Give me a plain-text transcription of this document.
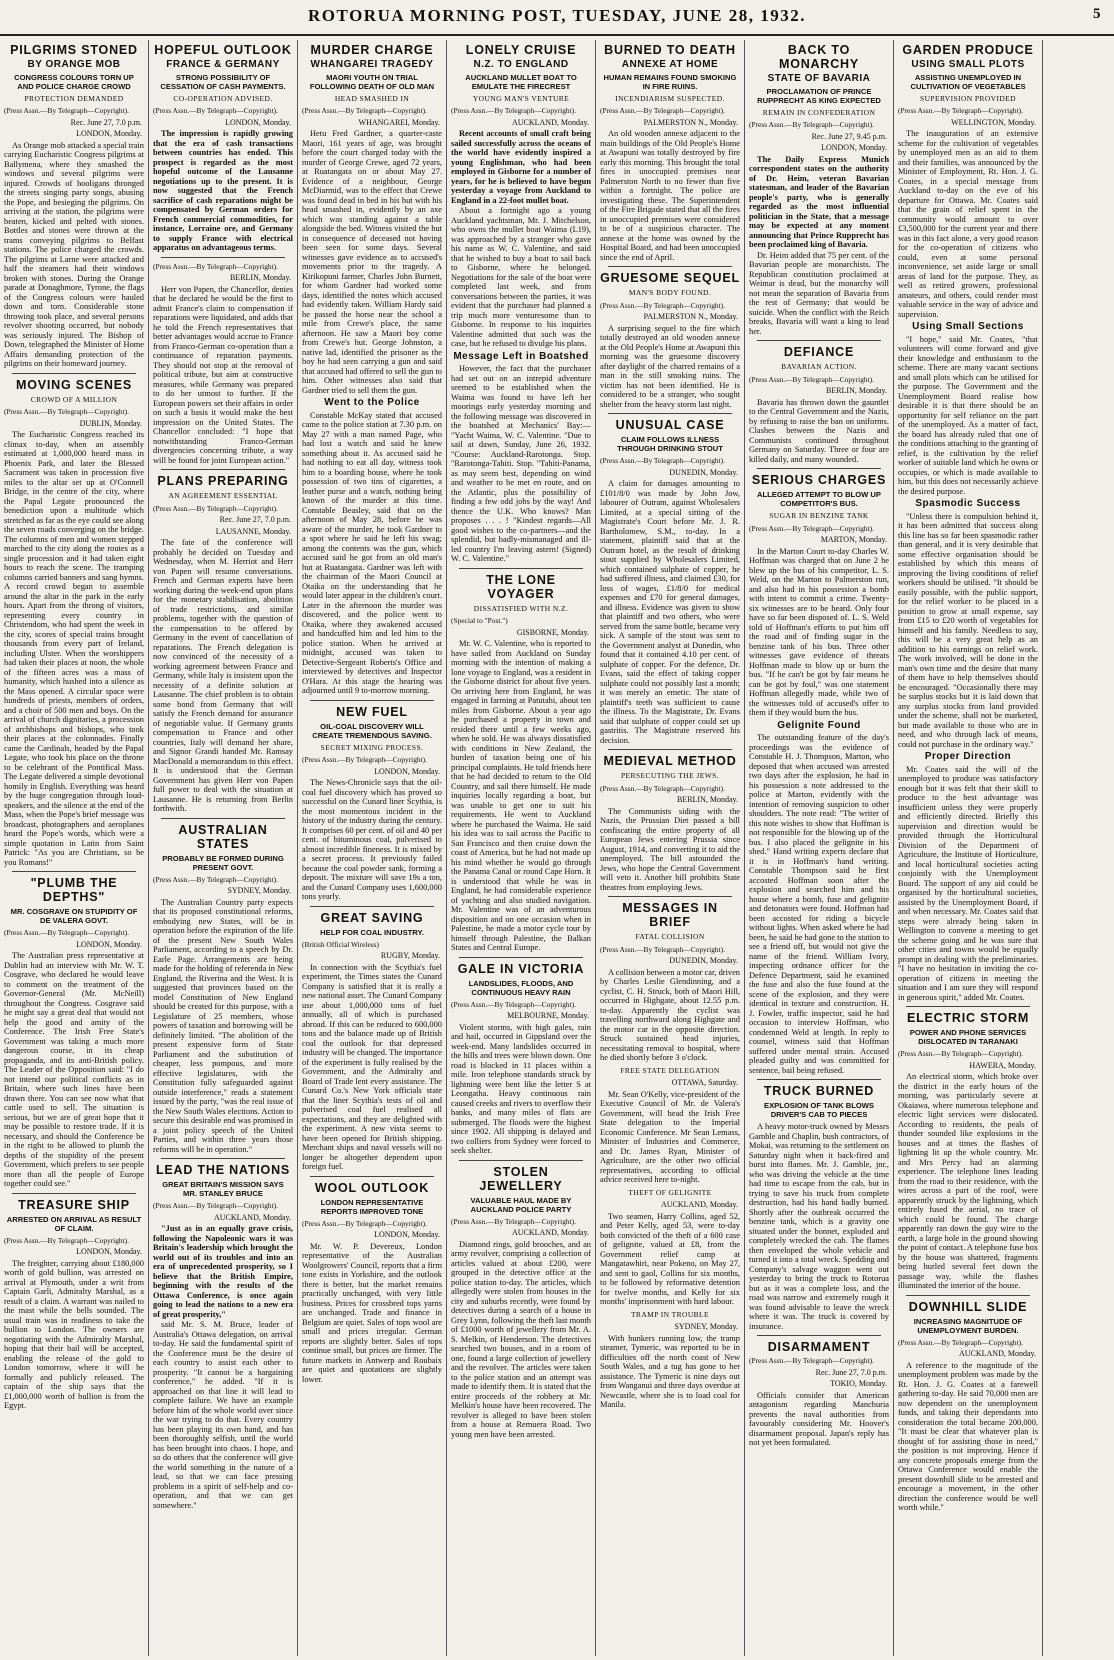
ROTORUA MORNING POST, TUESDAY, JUNE 28, 1932.	5
PILGRIMS STONED
BY ORANGE MOB
CONGRESS COLOURS TORN UP AND POLICE CHARGE CROWD
PROTECTION DEMANDED
(Press Assn.—By Telegraph—Copyright).
Rec. June 27, 7.0 p.m.
LONDON, Monday.

As Orange mob attacked a special train carrying Eucharistic Congress pilgrims at Ballymena, where they smashed the windows and several pilgrims were injured. Crowds of hooligans thronged the streets singing party songs, abusing the Pope, and besieging the pilgrims. On arriving at the station, the pilgrims were beaten, kicked and pelted with stones. Bottles and stones were thrown at the trams conveying pilgrims to Belfast stations. The police charged the crowds. The pilgrims at Larne were attacked and half the steamers had their windows broken with stones. During the Orange parade at Donaghmore, Tyrone, the flags of the Congress colours were hauled down and torn. Considerable stone throwing took place, and several persons revolver shooting occurred, but nobody was seriously injured. The Bishop of Down, telegraphed the Minister of Home Affairs demanding protection of the pilgrims on their homeward journey.

MOVING SCENES
CROWD OF A MILLION
(Press Assn.—By Telegraph—Copyright).
DUBLIN, Monday.

The Eucharistic Congress reached its climax to-day, when an assembly estimated at 1,000,000 heard mass in Phoenix Park, and later the Blessed Sacrament was taken in procession five miles to the altar set up at O'Connell Bridge, in the centre of the city, where the Papal Legate pronounced the benediction upon a multitude which stretched as far as the eye could see along the seven roads converging on the bridge. The columns of men and women stepped marched to the city along the routes as a single procession and it had taken eight hours to reach the scene. The tramping columns carried banners and sang hymns. A record crowd began to assemble around the altar in the park in the early hours. Apart from the throng of visitors, representing every country in Christendom, who had spent the week in the city, scores of special trains brought thousands from every part of Ireland, including Ulster. When the worshippers had taken their places at noon, the whole of the fifteen acres was a mass of humanity, which hushed into a silence as the Mass opened. A circular space were hundreds of priests, members of orders, and a choir of 500 men and boys. On the arrival of church dignitaries, a procession of archbishops and bishops, who took their places at the colonnades. Finally came the Cardinals, headed by the Papal Legate, who took his place on the throne to be celebrant of the Pontifical Mass. The Legate delivered a simple devotional homily in English. Everything was heard by the huge congregation through loud-speakers, and the silence at the end of the Mass, when the Pope's brief message was broadcast, photographers and aeroplanes heard the Pope's words, which were a simple quotation in Latin from Saint Patrick: "As you are Christians, so be you Romans!"

"PLUMB THE DEPTHS"
MR. COSGRAVE ON STUPIDITY OF DE VALERA GOVT.
(Press Assn.—By Telegraph—Copyright).
LONDON, Monday.

The Australian press representative at Dublin had an interview with Mr. W. T. Cosgrave, who declared he would leave to comment on the treatment of the Governor-General (Mr. McNeill) throughout the Congress. Cosgrave said he might say a great deal that would not help the good and amity of the Conference. The Irish Free State's Government was taking a much more dangerous course, in its cheap propaganda, and its anti-British policy. The Leader of the Opposition said: "I do not intend our political conflicts as in Britain, where such lines have been drawn there. You can see now what that cattle used to sell. The situation is serious, but we are of great hope that it may be possible to restore trade. If it is necessary, and should the Conference be in the right to be allowed to plumb the depths of the stupidity of the present Government, which prefers to see people more than all the people of Europe together could see."

TREASURE SHIP
ARRESTED ON ARRIVAL AS RESULT OF CLAIM.
(Press Assn.—By Telegraph—Copyright).
LONDON, Monday.

The freighter, carrying about £180,000 worth of gold bullion, was arrested on arrival at Plymouth, under a writ from Captain Garli, Admiralty Marshal, as a result of a claim. A warrant was nailed to the mast while the bells sounded. The usual train was in readiness to take the bullion to London. The owners are negotiating with the Admiralty Marshal, hoping that their bail will be accepted, enabling the release of the gold to London tomorrow, where it will be formally and publicly released. The captain of the ship says that the £1,000,000 worth of bullion is from the Egypt.

HOPEFUL OUTLOOK
FRANCE & GERMANY
STRONG POSSIBILITY OF CESSATION OF CASH PAYMENTS.
CO-OPERATION ADVISED.
(Press Assn.—By Telegraph—Copyright).
LONDON, Monday.

The impression is rapidly growing that the era of cash transactions between countries has ended. This prospect is regarded as the most hopeful outcome of the Lausanne negotiations up to the present. It is now suggested that the French sacrifice of cash reparations might be compensated by German orders for French commercial commodities, for instance, Lorraine ore, and Germany to supply France with electrical apparatus on advantageous terms.

(Press Assn.—By Telegraph—Copyright).
BERLIN, Monday.

Herr von Papen, the Chancellor, denies that he declared he would be the first to admit France's claim to compensation if reparations were liquidated, and adds that he told the French representatives that better advantages would accrue to France from Franco-German co-operation than a continuance of reparation payments. They should not stop at the removal of political tribute, but aim at constructive measures, while Germany was prepared to do her utmost to further. If the European powers set their affairs in order on such a basis it would make the best impression on the United States. The Chancellor concluded: "I hope that notwithstanding Franco-German divergencies concerning tribute, a way will be found for joint European action."

PLANS PREPARING
AN AGREEMENT ESSENTIAL
(Press Assn.—By Telegraph—Copyright).
Rec. June 27, 7.0 p.m.
LAUSANNE, Monday.

The fate of the conference will probably be decided on Tuesday and Wednesday, when M. Herriot and Herr von Papen will resume conversations. French and German experts have been working during the week-end upon plans for the monetary stabilisation, abolition of trade restrictions, and similar problems, together with the question of the compensation to be offered by Germany in the event of cancellation of reparations. The French delegation is now convinced of the necessity of a working agreement between France and Germany, while Italy is insistent upon the necessity of a definite solution at Lausanne. The chief problem is to obtain some bond from Germany that will satisfy the French demand for assurance of negotiable value. If Germany grants compensation to France and other countries, Italy will demand her share, and Signor Grandi handed Mr. Ramsay MacDonald a memorandum to this effect. It is understood that the German Government has given Herr von Papen full power to deal with the situation at Lausanne. He is returning from Berlin forthwith.

AUSTRALIAN STATES
PROBABLY BE FORMED DURING PRESENT GOVT.
(Press Assn.—By Telegraph—Copyright).
SYDNEY, Monday.

The Australian Country party expects that its proposed constitutional reforms, embodying new States, will be in operation before the expiration of the life of the present New South Wales Parliament, according to a speech by Dr. Earle Page. Arrangements are being made for the holding of referenda in New England, the Riverina and the West. It is suggested that provinces based on the model Constitution of New England should be created for this purpose, with a Legislature of 25 members, whose powers of taxation and borrowing will be definitely limited. "The abolition of the present expensive form of State Parliament and the substitution of cheaper, less pompous, and more effective legislatures, with the Constitution fully safeguarded against outside interference," reads a statement issued by the party, "was the real issue of the New South Wales elections. Action to secure this desirable end was promised in a joint policy speech of the United Parties, and within three years those reforms will be in operation."

LEAD THE NATIONS
GREAT BRITAIN'S MISSION SAYS MR. STANLEY BRUCE
(Press Assn.—By Telegraph—Copyright).
AUCKLAND, Monday.

"Just as in an equally grave crisis, following the Napoleonic wars it was Britain's leadership which brought the world out of its troubles and into an era of unprecedented prosperity, so I believe that the British Empire, beginning with the results of the Ottawa Conference, is once again going to lead the nations to a new era of great prosperity,"

said Mr. S. M. Bruce, leader of Australia's Ottawa delegation, on arrival to-day. He said the fundamental spirit of the Conference must be the desire of each country to assist each other to prosperity. "It cannot be a bargaining conference," he added. "If it is approached on that line it will lead to complete failure. We have an example before him of the whole world over since the war trying to do that. Every country has been playing its own hand, and has been thoroughly selfish, until the world has been brought into chaos. I hope, and so do others that the conference will give the world something in the nature of a lead, so that we can face pressing problems in a spirit of self-help and co-operation, and that we can get somewhere."

MURDER CHARGE
WHANGAREI TRAGEDY
MAORI YOUTH ON TRIAL FOLLOWING DEATH OF OLD MAN
HEAD SMASHED IN
(Press Assn.—By Telegraph—Copyright).
WHANGAREI, Monday.

Hetu Fred Gardner, a quarter-caste Maori, 161 years of age, was brought before the court charged today with the murder of George Crewe, aged 72 years, at Ruatangata on or about May 27. Evidence of a neighbour, George McDiarmid, was to the effect that Crewe was found dead in bed in his hut with his head smashed in, evidently by an axe which was standing against a table alongside the bed. Witness visited the hut in consequence of deceased not having been seen for some days. Several witnesses gave evidence as to accused's movements prior to the tragedy. A Kirikopuni farmer, Charles John Burnett, for whom Gardner had worked some days, identified the notes which accused had evidently taken. William Hardy said he passed the horse near the school a mile from Crewe's place, the same afternoon. He saw a Maori boy come from Crewe's hut. George Johnston, a native lad, identified the prisoner as the boy he had seen carrying a gun and said that accused had offered to sell the gun to him. Other witnesses also said that Gardner tried to sell them the gun.

Went to the Police

Constable McKay stated that accused came to the police station at 7.30 p.m. on May 27 with a man named Page, who had lost a watch and said he knew something about it. As accused said he had nothing to eat all day, witness took him to a boarding house, where he took possession of two tins of cigarettes, a leather purse and a watch, nothing being known of the murder at this time. Constable Beasley, said that on the afternoon of May 28, before he was aware of the murder, he took Gardner to a spot where he said he left his swag; among the contents was the gun, which accused said he got from an old man's hut at Ruatangata. Gardner was left with the chairman of the Maori Council at Otaika on the understanding that he would later appear in the children's court. Later in the afternoon the murder was discovered, and the police went to Otaika, where they awakened accused and handcuffed him and led him to the police station. When he arrived at midnight, accused was taken to Detective-Sergeant Roberts's Office and interviewed by detectives and Inspector O'Hara. At this stage the hearing was adjourned until 9 to-morrow morning.

NEW FUEL
OIL-COAL DISCOVERY WILL CREATE TREMENDOUS SAVING.
SECRET MIXING PROCESS.
(Press Assn.—By Telegraph—Copyright).
LONDON, Monday.

The News-Chronicle says that the oil-coal fuel discovery which has proved so successful on the Cunard liner Scythia, is the most momentous incident in the history of the industry during the century. It comprises 60 per cent. of oil and 40 per cent. of bituminous coal, pulverised to almost incredible fineness. It is mixed by a secret process. It previously failed because the coal powder sank, forming a deposit. The mixture will save 19s a ton, and the Cunard Company uses 1,600,000 tons yearly.

GREAT SAVING
HELP FOR COAL INDUSTRY.
(British Official Wireless)
RUGBY, Monday.

In connection with the Scythia's fuel experiment, the Times states the Cunard Company is satisfied that it is really a new national asset. The Cunard Company use about 1,000,000 tons of fuel annually, all of which is purchased abroad. If this can be reduced to 600,000 tons and the balance made up of British coal the outlook for that depressed industry will be changed. The importance of the experiment is fully realised by the Government, and the Admiralty and Board of Trade lent every assistance. The Cunard Co.'s New York officials state that the liner Scythia's tests of oil and pulverised coal fuel realised all expectations, and they are delighted with the experiment. A new vista seems to have been opened for British shipping. Merchant ships and naval vessels will no longer be altogether dependent upon foreign fuel.

WOOL OUTLOOK
LONDON REPRESENTATIVE REPORTS IMPROVED TONE
(Press Assn.—By Telegraph—Copyright).
LONDON, Monday.

Mr. W. P. Devereux, London representative of the Australian Woolgrowers' Council, reports that a firm tone exists in Yorkshire, and the outlook there is better, but the market remains practically unchanged, with very little business. Prices for crossbred tops yarns are unchanged. Trade and finance in Belgium are quiet. Sales of tops wool are small and prices irregular. German reports are slightly better. Sales of tops continue small, but prices are firmer. The future markets in Antwerp and Roubaix are quiet and quotations are slightly lower.

LONELY CRUISE
N.Z. TO ENGLAND
AUCKLAND MULLET BOAT TO EMULATE THE FIRECREST
YOUNG MAN'S VENTURE
(Press Assn.—By Telegraph—Copyright).
AUCKLAND, Monday.

Recent accounts of small craft being sailed successfully across the oceans of the world have evidently inspired a young Englishman, who had been employed in Gisborne for a number of years, for he is believed to have begun yesterday a voyage from Auckland to England in a 22-foot mullet boat.

About a fortnight ago a young Auckland yachtsman, Mr. J. Mitchelson, who owns the mullet boat Waima (L19), was approached by a stranger who gave his name as W. C. Valentine, and said that he wished to buy a boat to sail back to Gisborne, where he belonged. Negotiations for the sale of the boat were completed last week, and from conversations between the parties, it was evident that the purchaser had planned a trip much more venturesome than to Gisborne. In response to his inquiries Valentine admitted that such was the case, but he refused to divulge his plans.

Message Left in Boatshed

However, the fact that the purchaser had set out on an intrepid adventure seemed to be established when the Waima was found to have left her moorings early yesterday morning and the following message was discovered in the boatshed at Mechanics' Bay:— "Yacht Waima, W. C. Valentine. "Due to sail at dawn, Sunday, June 26, 1932. "Course: Auckland-Rarotonga. Stop. "Rarotonga-Tahiti. Stop. "Tahiti-Panama, as may seem best, depending on wind and weather to be met en route, and on the Atlantic, plus the possibility of finding a few odd jobs by the way! And thence the U.K. Who knows? Man proposes . . . ! "Kindest regards—All good wishes to the co-partners—and the splendid, but badly-mismanaged and ill-led country I'm leaving astern! (Signed) W. C. Valentine."

THE LONE VOYAGER
DISSATISFIED WITH N.Z.
(Special to "Post.")
GISBORNE, Monday.

Mr. W. C. Valentine, who is reported to have sailed from Auckland on Sunday morning with the intention of making a lone voyage to England, was a resident in the Gisborne district for about five years. On arriving here from England, he was engaged in farming at Patutahi, about ten miles from Gisborne. About a year ago he purchased a property in town and resided there until a few weeks ago, when he sold. He was always dissatisfied with conditions in New Zealand, the burden of taxation being one of his principal complaints. He told friends here that he had decided to return to the Old Country, and sail there himself. He made inquiries locally regarding a boat, but was unable to get one to suit his requirements. He went to Auckland where he purchased the Waima. He said his idea was to sail across the Pacific to San Francisco and then cruise down the coast of America, but he had not made up his mind whether he would go through the Panama Canal or round Cape Horn. It is understood that while he was in England, he had considerable experience of yachting and also studied navigation. Mr. Valentine was of an adventurous disposition and on one occasion when in Palestine, he made a motor cycle tour by himself through Palestine, the Balkan States and Central Europe.

GALE IN VICTORIA
LANDSLIDES, FLOODS, AND CONTINUOUS HEAVY RAIN
(Press Assn.—By Telegraph—Copyright).
MELBOURNE, Monday.

Violent storms, with high gales, rain and hail, occurred in Gippsland over the week-end. Many landslides occurred in the hills and trees were blown down. One road is blocked in 11 places within a mile. Iron telephone standards struck by lightning were bent like the letter S at Leongatha. Heavy continuous rain caused creeks and rivers to overflow their banks, and many miles of flats are submerged. The floods were the highest since 1902. All shipping is delayed and two colliers from Sydney were forced to seek shelter.

STOLEN JEWELLERY
VALUABLE HAUL MADE BY AUCKLAND POLICE PARTY
(Press Assn.—By Telegraph—Copyright).
AUCKLAND, Monday.

Diamond rings, gold brooches, and an army revolver, comprising a collection of articles valued at about £200, were grouped in the detective office at the police station to-day. The articles, which allegedly were stolen from houses in the city and suburbs recently, were found by detectives during a search of a house in Grey Lynn, following the theft last month of £1000 worth of jewellery from Mr. A. S. Melkin, of Henderson. The detectives searched two houses, and in a room of one, found a large collection of jewellery and the revolver. The articles were taken to the police station and an attempt was made to identify them. It is stated that the entire proceeds of the robbery at Mr. Melkin's house have been recovered. The revolver is alleged to have been stolen from a house at Remuera Road. Two young men have been arrested.

BURNED TO DEATH
ANNEXE AT HOME
HUMAN REMAINS FOUND SMOKING IN FIRE RUINS.
INCENDIARISM SUSPECTED.
(Press Assn.—By Telegraph—Copyright).
PALMERSTON N., Monday.

An old wooden annexe adjacent to the main buildings of the Old People's Home at Awapuni was totally destroyed by fire early this morning. This brought the total fires in unoccupied premises near Palmerston North to no fewer than five within a fortnight. The police are investigating these. The Superintendent of the Fire Brigade stated that all the fires in unoccupied premises were considered to be of a suspicious character. The annexe at the home was owned by the Hospital Board, and had been unoccupied since the end of April.

GRUESOME SEQUEL
MAN'S BODY FOUND.
(Press Assn.—By Telegraph—Copyright).
PALMERSTON N., Monday.

A surprising sequel to the fire which totally destroyed an old wooden annexe at the Old People's Home at Awapuni this morning was the gruesome discovery after daylight of the charred remains of a man in the still smoking ruins. The victim has not been identified. He is considered to be a stranger, who sought shelter from the heavy storm last night.

UNUSUAL CASE
CLAIM FOLLOWS ILLNESS THROUGH DRINKING STOUT
(Press Assn.—By Telegraph—Copyright).
DUNEDIN, Monday.

A claim for damages amounting to £101/8/0 was made by John Jow, labourer of Outram, against Wholesalers Limited, at a special sitting of the Magistrate's Court before Mr. J. R. Bartholomew, S.M., to-day. In a statement, plaintiff said that at the Outram hotel, as the result of drinking stout supplied by Wholesalers Limited, which contained sulphate of copper, he had suffered illness, and claimed £30, for loss of wages, £1/8/0 for medical expenses and £70 for general damages, and illness. Evidence was given to show that plaintiff and two others, who were served from the same bottle, became very sick. A sample of the stout was sent to the Government analyst at Dunedin, who found that it contained 4.10 per cent. of sulphate of copper. For the defence, Dr. Evans, said the effect of taking copper sulphate could not possibly last a month; it was merely an emetic. The state of plaintiff's teeth was sufficient to cause the illness. To the Magistrate, Dr. Evans said that sulphate of copper could set up gastritis. The Magistrate reserved his decision.

MEDIEVAL METHOD
PERSECUTING THE JEWS.
(Press Assn.—By Telegraph—Copyright).
BERLIN, Monday.

The Communists siding with the Nazis, the Prussian Diet passed a bill confiscating the entire property of all European Jews entering Prussia since August, 1914, and converting it to aid the unemployed. The bill astounded the Jews, who hope the Central Government will veto it. Another bill prohibits State theatres from employing Jews.

MESSAGES IN BRIEF
FATAL COLLISION
(Press Assn.—By Telegraph—Copyright).
DUNEDIN, Monday.

A collision between a motor car, driven by Charles Leslie Glendinning, and a cyclist, C. H. Struck, both of Maori Hill, occurred in Highgate, about 12.55 p.m. to-day. Apparently the cyclist was travelling northward along Highgate and the motor car in the opposite direction. Struck sustained head injuries, necessitating removal to hospital, where he died shortly before 3 o'clock.

FREE STATE DELEGATION
OTTAWA, Saturday.

Mr. Sean O'Kelly, vice-president of the Executive Council of Mr. de Valera's Government, will head the Irish Free State delegation to the Imperial Economic Conference. Mr Sean Lemass, Minister of Industries and Commerce, and Dr. James Ryan, Minister of Agriculture, are the other two official representatives, according to official advice received here to-night.

THEFT OF GELIGNITE
AUCKLAND, Monday.

Two seamen, Harry Collins, aged 52, and Peter Kelly, aged 53, were to-day both convicted of the theft of a 600 case of gelignite, valued at £8, from the Government relief camp at Mangatawhiri, near Pokeno, on May 27, and sent to gaol, Collins for six months, to be followed by reformative detention for twelve months, and Kelly for six months' imprisonment with hard labour.

TRAMP IN TROUBLE
SYDNEY, Monday.

With bunkers running low, the tramp steamer, Tymeric, was reported to be in difficulties off the north coast of New South Wales, and a tug has gone to her assistance. The Tymeric is nine days out from Wanganui and three days overdue at Newcastle, where she is to load coal for Manila.

BACK TO MONARCHY
STATE OF BAVARIA
PROCLAMATION OF PRINCE RUPPRECHT AS KING EXPECTED
REMAIN IN CONFEDERATION
(Press Assn.—By Telegraph—Copyright).
Rec. June 27, 9.45 p.m.
LONDON, Monday.

The Daily Express Munich correspondent states on the authority of Dr. Heim, veteran Bavarian statesman, and leader of the Bavarian people's party, who is generally regarded as the most influential politician in the State, that a message may be expected at any moment announcing that Prince Rupprecht has been proclaimed king of Bavaria.

Dr. Heim added that 75 per cent. of the Bavarian people are monarchists. The Republican constitution proclaimed at Weimar is dead, but the monarchy will not mean the separation of Bavaria from the rest of Germany; that would be suicide. When the conflict with the Reich breaks, Bavaria will want a king to lead her.

DEFIANCE
BAVARIAN ACTION.
(Press Assn.—By Telegraph—Copyright).
BERLIN, Monday.

Bavaria has thrown down the gauntlet to the Central Government and the Nazis, by refusing to raise the ban on uniforms. Clashes between the Nazis and Communists continued throughout Germany on Saturday. Three or four are killed daily, and many wounded.

SERIOUS CHARGES
ALLEGED ATTEMPT TO BLOW UP COMPETITOR'S BUS.
SUGAR IN BENZINE TANK
(Press Assn.—By Telegraph—Copyright).
MARTON, Monday.

In the Marton Court to-day Charles W. Hoffman was charged that on June 2 he blew up the bus of his competitor, L. S. Weld, on the Marton to Palmerston run, and also had in his possession a bomb with intent to commit a crime. Twenty-six witnesses are to be heard. Only four have so far been disposed of. L. S. Weld told of Hoffman's efforts to put him off the road and of finding sugar in the benzine tank of his bus. Three other witnesses gave evidence of threats Hoffman made to blow up or burn the bus. "If he can't be got by fair means he can be got by foul," was one statement Hoffman allegedly made, while two of the witnesses told of accused's offer to them if they would burn the bus.

Gelignite Found

The outstanding feature of the day's proceedings was the evidence of Constable H. J. Thompson, Marton, who deposed that when accused was arrested two days after the explosion, he had in his possession a note addressed to the police at Marton, evidently with the intention of removing suspicion to other shoulders. The note read: "The writer of this note wishes to show that Hoffman is not responsible for the blowing up of the bus. I also placed the gelignite in his shed." Hand writing experts declare that it is in Hoffman's hand writing. Constable Thompson said he first accosted Hoffman soon after the explosion and searched him and his house where a bomb, fuse and gelignite and detonators were found. Hoffman had been accosted for riding a bicycle without lights. When asked where he had been, he said he had gone to the station to see a friend off, but would not give the name of the friend. William Ivory, inspecting ordnance officer for the Defence Department, said he examined the fuse and also the fuse found at the scene of the explosion, and they were identical in texture and construction. H. J. Fowler, traffic inspector, said he had occasion to interview Hoffman, who condemned Weld at length. In reply to counsel, witness said that Hoffman suffered under mental strain. Accused pleaded guilty and was committed for sentence, bail being refused.

TRUCK BURNED
EXPLOSION OF TANK BLOWS DRIVER'S CAB TO PIECES

A heavy motor-truck owned by Messrs Gamble and Chaplin, bush contractors, of Mokai, was returning to the settlement on Saturday night when it back-fired and burst into flames. Mr. J. Gamble, jnr., who was driving the vehicle at the time had time to escape from the cab, but in trying to save his truck from complete destruction, had his hand badly burned. Shortly after the outbreak occurred the benzine tank, which is a gravity one situated under the bonnet, exploded and completely wrecked the cab. The flames then enveloped the whole vehicle and turned it into a total wreck. Spedding and Company's salvage waggon went out yesterday to bring the truck to Rotorua but as it was a complete loss, and the road was narrow and extremely rough it was found advisable to leave the wreck where it was. The truck is covered by insurance.

DISARMAMENT
(Press Assn.—By Telegraph—Copyright).
Rec. June 27, 7.0 p.m.
TOKIO, Monday.

Officials consider that American antagonism regarding Manchuria prevents the naval authorities from favourably considering Mr. Hoover's disarmament proposal. Japan's reply has not yet been formulated.

GARDEN PRODUCE
USING SMALL PLOTS
ASSISTING UNEMPLOYED IN CULTIVATION OF VEGETABLES
SUPERVISION PROVIDED
(Press Assn.—By Telegraph—Copyright).
WELLINGTON, Monday.

The inauguration of an extensive scheme for the cultivation of vegetables by unemployed men as an aid to them and their families, was announced by the Minister of Employment, Rt. Hon. J. G. Coates, in a special message from Auckland to-day on the eve of his departure for Ottawa. Mr. Coates said that the grain of relief spent in the community would amount to over £3,500,000 for the current year and there was in this fact alone, a very good reason for the co-operation of citizens who could, even at some personal inconvenience, set aside large or small areas of land for the purpose. They, as well as retired growers, professional amateurs, and others, could render most valuable service in the way of advice and supervision.

Using Small Sections

"I hope," said Mr. Coates, "that volunteers will come forward and give their knowledge and enthusiasm to the scheme. There are many vacant sections and small plots which can be utilised for the purpose. The Government and the Unemployment Board realise how desirable it is that there should be an opportunity for self reliance on the part of the unemployed. As a matter of fact, the board has already ruled that one of the conditions attaching to the granting of relief, is the cultivation by the relief worker of suitable land which he owns or occupies, or which is made available to him, but this does not necessarily achieve the desired purpose.

Spasmodic Success

"Unless there is compulsion behind it, it has been admitted that success along this line has so far been spasmodic rather than general, and it is very desirable that some effective organisation should be established by which this means of improving the living conditions of relief workers should be utilised. "It should be easily possible, with the public support, for the relief worker to be placed in a position to grow at small expense, say from £15 to £20 worth of vegetables for himself and his family. Needless to say, this will be a very great help as an addition to his earnings on relief work. The work involved, will be done in the man's own time and the desire that many of them have to help themselves should be encouraged. "Occasionally there may be surplus stocks but it is laid down that any surplus stocks from land provided under the scheme, shall not be marketed, but made available to those who are in need, and who through lack of means, could not purchase in the ordinary way."

Proper Direction

Mr. Coates said the will of the unemployed to produce was satisfactory enough but it was felt that their skill to produce to the best advantage was insufficient unless they were properly and efficiently directed. Briefly this supervision and direction would be provided through the Horticultural Division of the Department of Agriculture, the Institute of Horticulture, and local horticultural societies acting conjointly with the Unemployment Board. The support of any aid could be organised by the horticultural societies, assisted by the Unemployment Board, if and when necessary. Mr. Coates said that steps were already being taken in Wellington to convene a meeting to get the scheme going and he was sure that other cities and towns would be equally prompt in dealing with the preliminaries. "I have no hesitation in inviting the co-operation of citizens in meeting the situation and I am sure they will respond in generous spirit," added Mr. Coates.

ELECTRIC STORM
POWER AND PHONE SERVICES DISLOCATED IN TARANAKI
(Press Assn.—By Telegraph—Copyright).
HAWERA, Monday.

An electrical storm, which broke over the district in the early hours of the morning, was particularly severe at Okaiawa, where numerous telephone and electric light services were dislocated. According to residents, the peals of thunder sounded like explosions in the houses and at times the flashes of lightning lit up the whole country. Mr. and Mrs Percy had an alarming experience. The telephone lines leading from the road to their residence, with the wires across a part of the roof, were apparently struck by the lightning, which entirely fused the aerial, no trace of which could be found. The charge apparently ran down the guy wire to the earth, a large hole in the ground showing the point of contact. A telephone fuse box by the house was shattered, fragments being hurled several feet down the passage way, while the flashes illuminated the interior of the house.

DOWNHILL SLIDE
INCREASING MAGNITUDE OF UNEMPLOYMENT BURDEN.
(Press Assn.—By Telegraph—Copyright).
AUCKLAND, Monday.

A reference to the magnitude of the unemployment problem was made by the Rt. Hon. J. G. Coates at a farewell gathering to-day. He said 70,000 men are now dependent on the unemployment funds, and taking their dependants into consideration the total became 200,000. "It must be clear that whatever plan is thought of for assisting those in need," the position is not improving. Hence if any concrete proposals emerge from the Ottawa Conference would enable the present downhill slide to be arrested and encourage a movement, in the other direction the conference would be well worth while."
